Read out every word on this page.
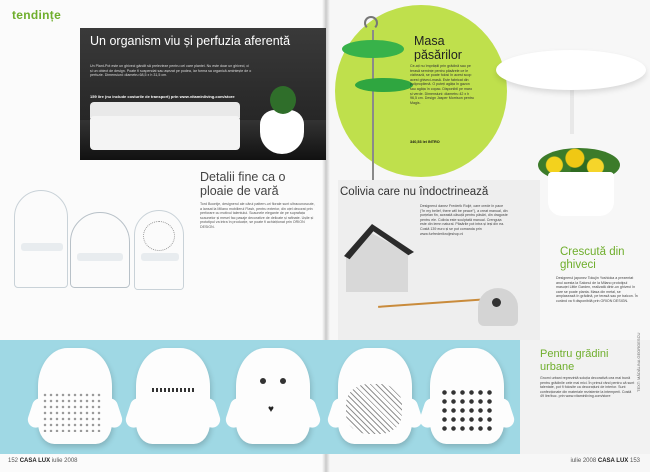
tendințe
Un organism viu și perfuzia aferentă
Un Plant-Pot este un ghiveci gândit să prelevieze pentru cel care plantei. Nu este doar un ghiveci, ci și un obiect de design. Poate fi suspendat sau așezat pe podea, iar forma sa organică amintește de o perfuzie. Dimensiuni: diametru 68,5 x h 31,5 cm.
159 lire (nu include costurile de transport) prin www.vitaminliving.com/store
Detalii fine ca o ploaie de vară
Tord Boontje, designerul ale cărui pattern-uri florale sunt ultracunoscute, a lansat la Milano mobilierul Flash, pentru exterior, din oțel decorat prin perforare cu motivul talentului. Scaunele elegante de pe suprafața scaunelor și mesei fac pasaje decorative de delicate și rafinate. Ușile și prototipul va intra în producție, se poate fi achiziționat prin ORION DESIGN.
Masa păsărilor
Ce-ați nu împrăștii prin grădină sau pe terasă semințe pentru păsărele ce le vizitează, se poate folosi în acest scop acest ghiveci-masă. Este fabricat din polipropilenă. O puteți agăța în gazon sau agăța în copac. Disponibil pe maro și verde. Dimensiuni: diametru 42 x h 96,5 cm. Design Jasper Morrison pentru Magis.
340,53 lei INTRO
Colivia care nu îndoctrinează
Designerul danez Frederik Roijé, care crede în pace ("in my belief, there will be peace"), a creat manual, din porțelan fin, această căsuță pentru păsări, din dragoste pentru ele. Colivia este sculptată manual. Crenguța este din lemn natural. Păsările pot intra și ieși din ea. Costă 139 euro și se pot comanda prin www.furfrederikroijeshop.nl
Crescută din ghiveci
Designerul japonez Tokujin Yoshioka a prezentat anul acesta la Salonul de la Milano prototipul masuței Little Garden, realizată dintr-un ghiveci în care se poate planta. Masa din metal, se amplasează în grădină, pe terasă sau pe balcon. În curând va fi disponibilă prin ORION DESIGN.
♥
Pentru grădini urbane
Gnomi urbani reprezintă soluția decorativă cea mai bună pentru grădinile cele mai mici. În primul rând pentru că sunt talentate, pot fi folosite ca decorațiuni de interior. Sunt confecționate din materiale rezistente la intemperii. Costă 49 lire/buc. prin www.vitaminliving.com/store
TEXT: MĂDĂLINA GEORGESCU
152 CASA LUX iulie 2008	iulie 2008 CASA LUX 153
